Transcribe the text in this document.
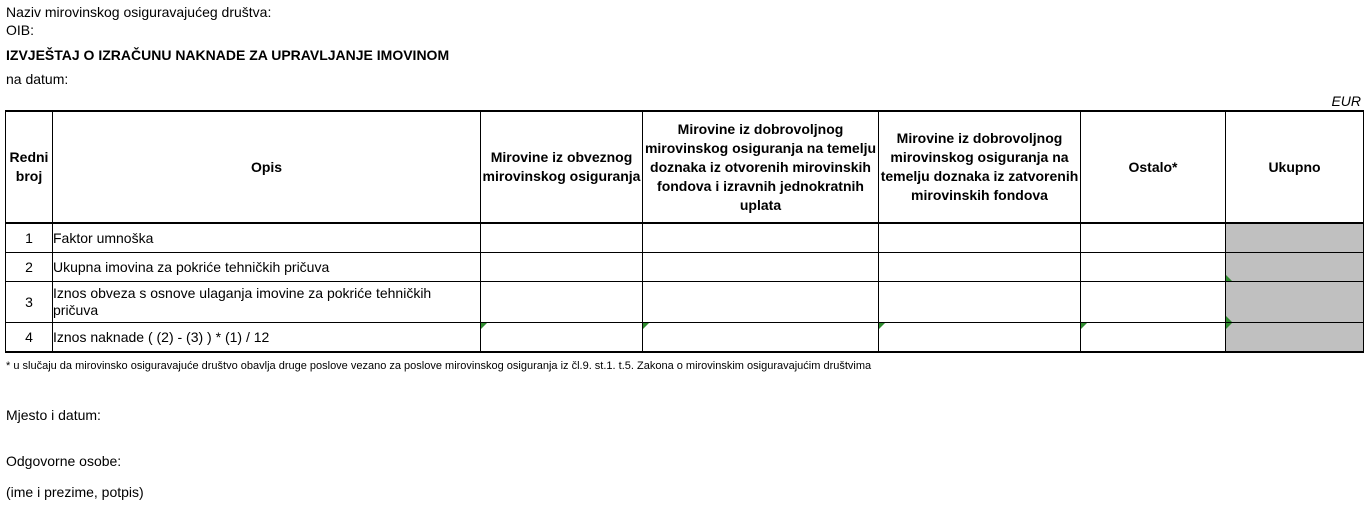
Naziv mirovinskog osiguravajućeg društva:
OIB:
IZVJEŠTAJ O IZRAČUNU NAKNADE ZA UPRAVLJANJE IMOVINOM
na datum:
EUR
Redni broj	Opis	Mirovine iz obveznog mirovinskog osiguranja	Mirovine iz dobrovoljnog mirovinskog osiguranja na temelju doznaka iz otvorenih mirovinskih fondova i izravnih jednokratnih uplata	Mirovine iz dobrovoljnog mirovinskog osiguranja na temelju doznaka iz zatvorenih mirovinskih fondova	Ostalo*	Ukupno
1	Faktor umnoška					
2	Ukupna imovina za pokriće tehničkih pričuva					

3	Iznos obveza s osnove ulaganja imovine za pokriće tehničkih pričuva					

4	Iznos naknade ( (2) - (3) ) * (1) / 12	

* u slučaju da mirovinsko osiguravajuće društvo obavlja druge poslove vezano za poslove mirovinskog osiguranja iz čl.9. st.1. t.5. Zakona o mirovinskim osiguravajućim društvima
Mjesto i datum:
Odgovorne osobe:
(ime i prezime, potpis)
